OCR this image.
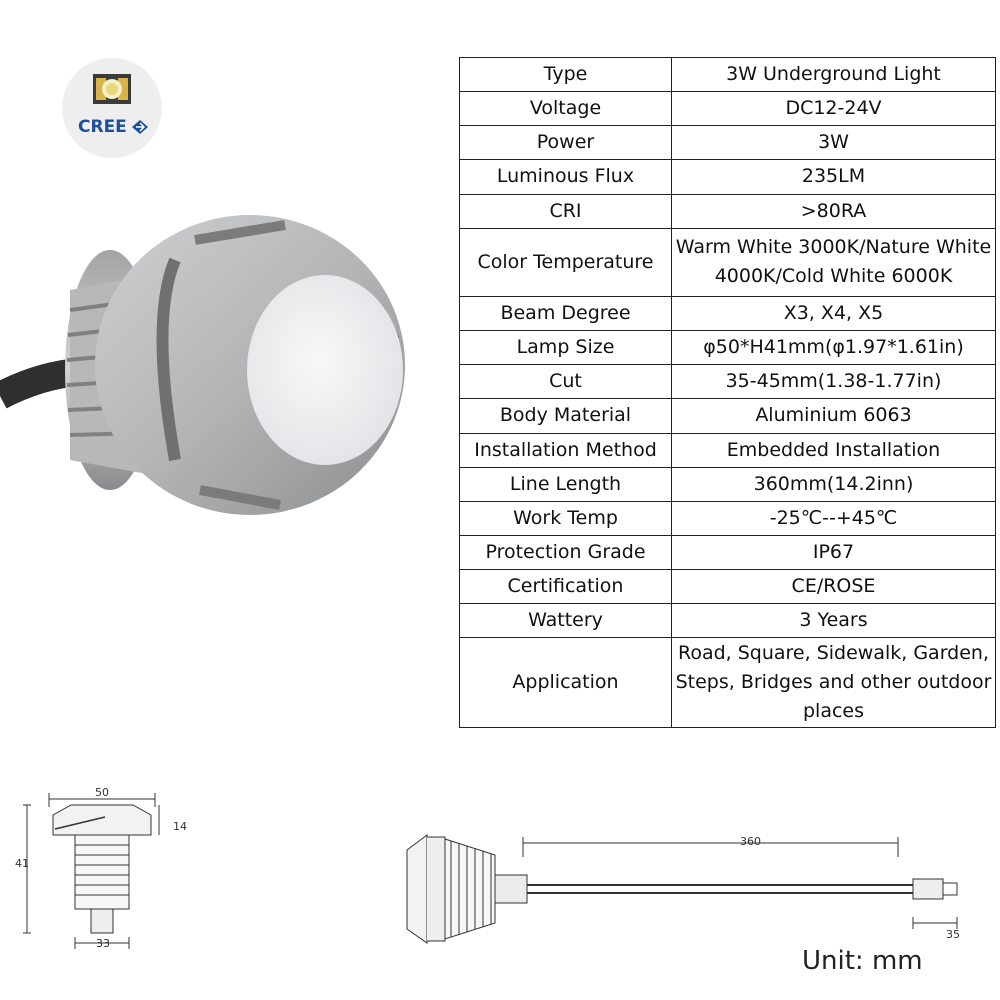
CREE
Type	3W Underground Light
Voltage	DC12-24V
Power	3W
Luminous Flux	235LM
CRI	>80RA
Color Temperature	Warm White 3000K/Nature White 4000K/Cold White 6000K
Beam Degree	X3, X4, X5
Lamp Size	φ50*H41mm(φ1.97*1.61in)
Cut	35-45mm(1.38-1.77in)
Body Material	Aluminium 6063
Installation Method	Embedded Installation
Line Length	360mm(14.2inn)
Work Temp	-25℃--+45℃
Protection Grade	IP67
Certification	CE/ROSE
Wattery	3 Years
Application	Road, Square, Sidewalk, Garden, Steps, Bridges and other outdoor places
50
14
41
33
360
35
Unit: mm
